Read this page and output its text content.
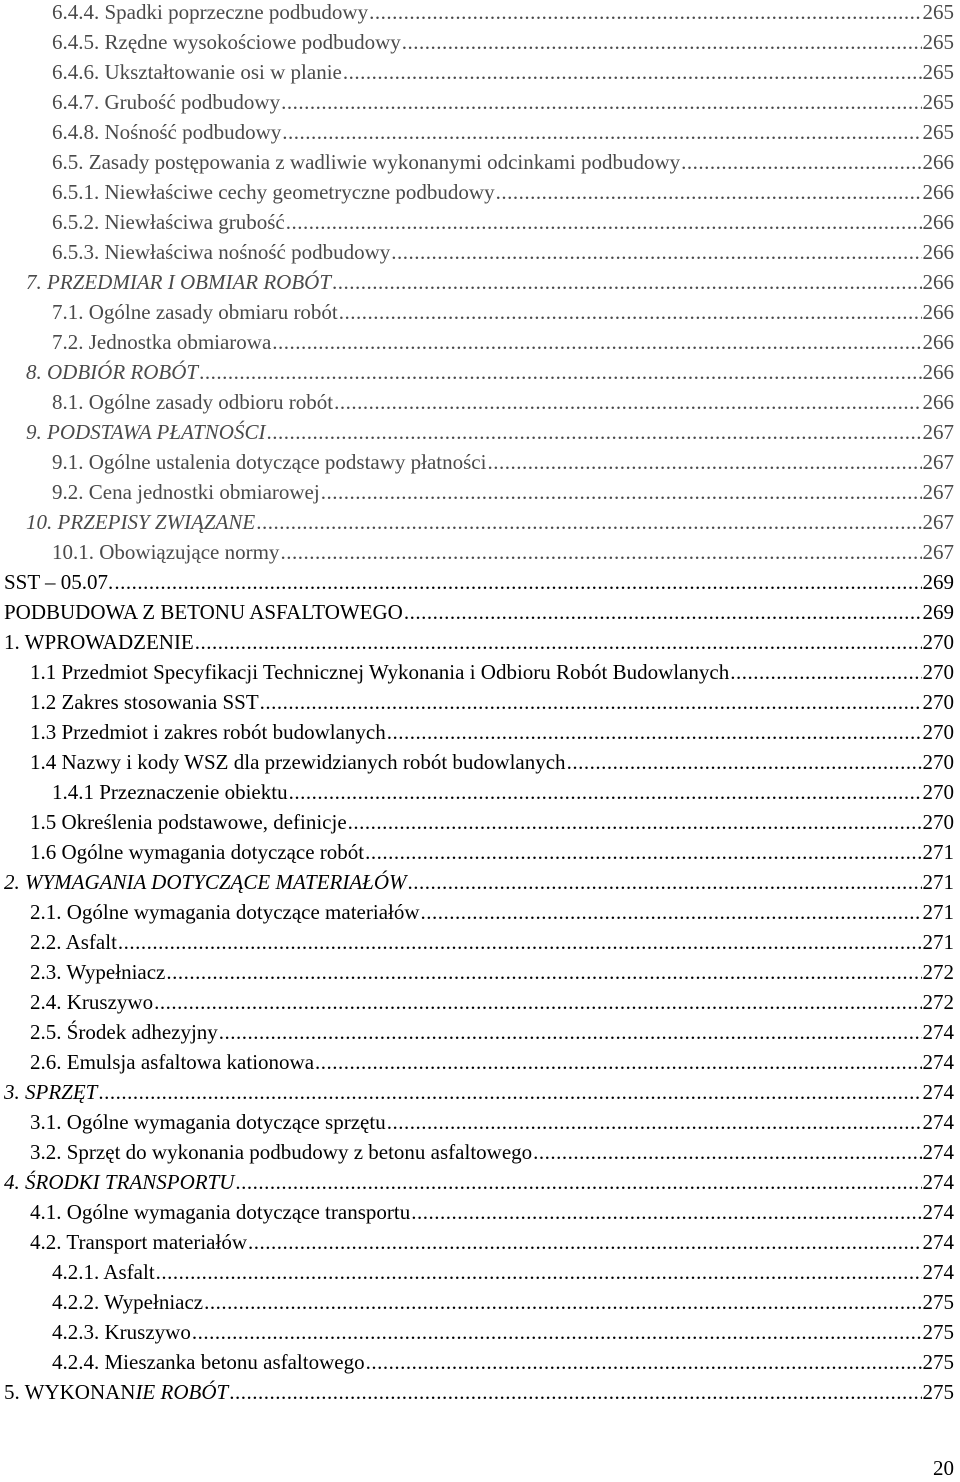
6.4.4. Spadki poprzeczne podbudowy .....	265
6.4.5. Rzędne wysokościowe podbudowy .....	265
6.4.6. Ukształtowanie osi w planie .....	265
6.4.7. Grubość podbudowy .....	265
6.4.8. Nośność podbudowy .....	265
6.5. Zasady postępowania z wadliwie wykonanymi odcinkami podbudowy .....	266
6.5.1. Niewłaściwe cechy geometryczne podbudowy .....	266
6.5.2. Niewłaściwa grubość .....	266
6.5.3. Niewłaściwa nośność podbudowy .....	266
7. PRZEDMIAR I OBMIAR ROBÓT .....	266
7.1. Ogólne zasady obmiaru robót .....	266
7.2. Jednostka obmiarowa .....	266
8. ODBIÓR ROBÓT .....	266
8.1. Ogólne zasady odbioru robót .....	266
9. PODSTAWA PŁATNOŚCI .....	267
9.1. Ogólne ustalenia dotyczące podstawy płatności .....	267
9.2. Cena jednostki obmiarowej .....	267
10. PRZEPISY ZWIĄZANE .....	267
10.1. Obowiązujące normy .....	267
SST – 05.07. .....	269
PODBUDOWA Z BETONU ASFALTOWEGO .....	269
1. WPROWADZENIE .....	270
1.1 Przedmiot Specyfikacji Technicznej Wykonania i Odbioru Robót Budowlanych .....	270
1.2 Zakres stosowania SST .....	270
1.3 Przedmiot i zakres robót budowlanych .....	270
1.4 Nazwy i kody WSZ dla przewidzianych robót budowlanych .....	270
1.4.1 Przeznaczenie obiektu .....	270
1.5 Określenia podstawowe, definicje .....	270
1.6 Ogólne wymagania dotyczące robót .....	271
2. WYMAGANIA DOTYCZĄCE MATERIAŁÓW .....	271
2.1. Ogólne wymagania dotyczące materiałów .....	271
2.2. Asfalt .....	271
2.3. Wypełniacz .....	272
2.4. Kruszywo .....	272
2.5. Środek adhezyjny .....	274
2.6. Emulsja asfaltowa kationowa .....	274
3. SPRZĘT .....	274
3.1. Ogólne wymagania dotyczące sprzętu .....	274
3.2. Sprzęt do wykonania podbudowy z betonu asfaltowego .....	274
4. ŚRODKI TRANSPORTU .....	274
4.1. Ogólne wymagania dotyczące transportu .....	274
4.2. Transport materiałów .....	274
4.2.1. Asfalt .....	274
4.2.2. Wypełniacz .....	275
4.2.3. Kruszywo .....	275
4.2.4. Mieszanka betonu asfaltowego .....	275
5. WYKONANIE ROBÓT .....	275
20
